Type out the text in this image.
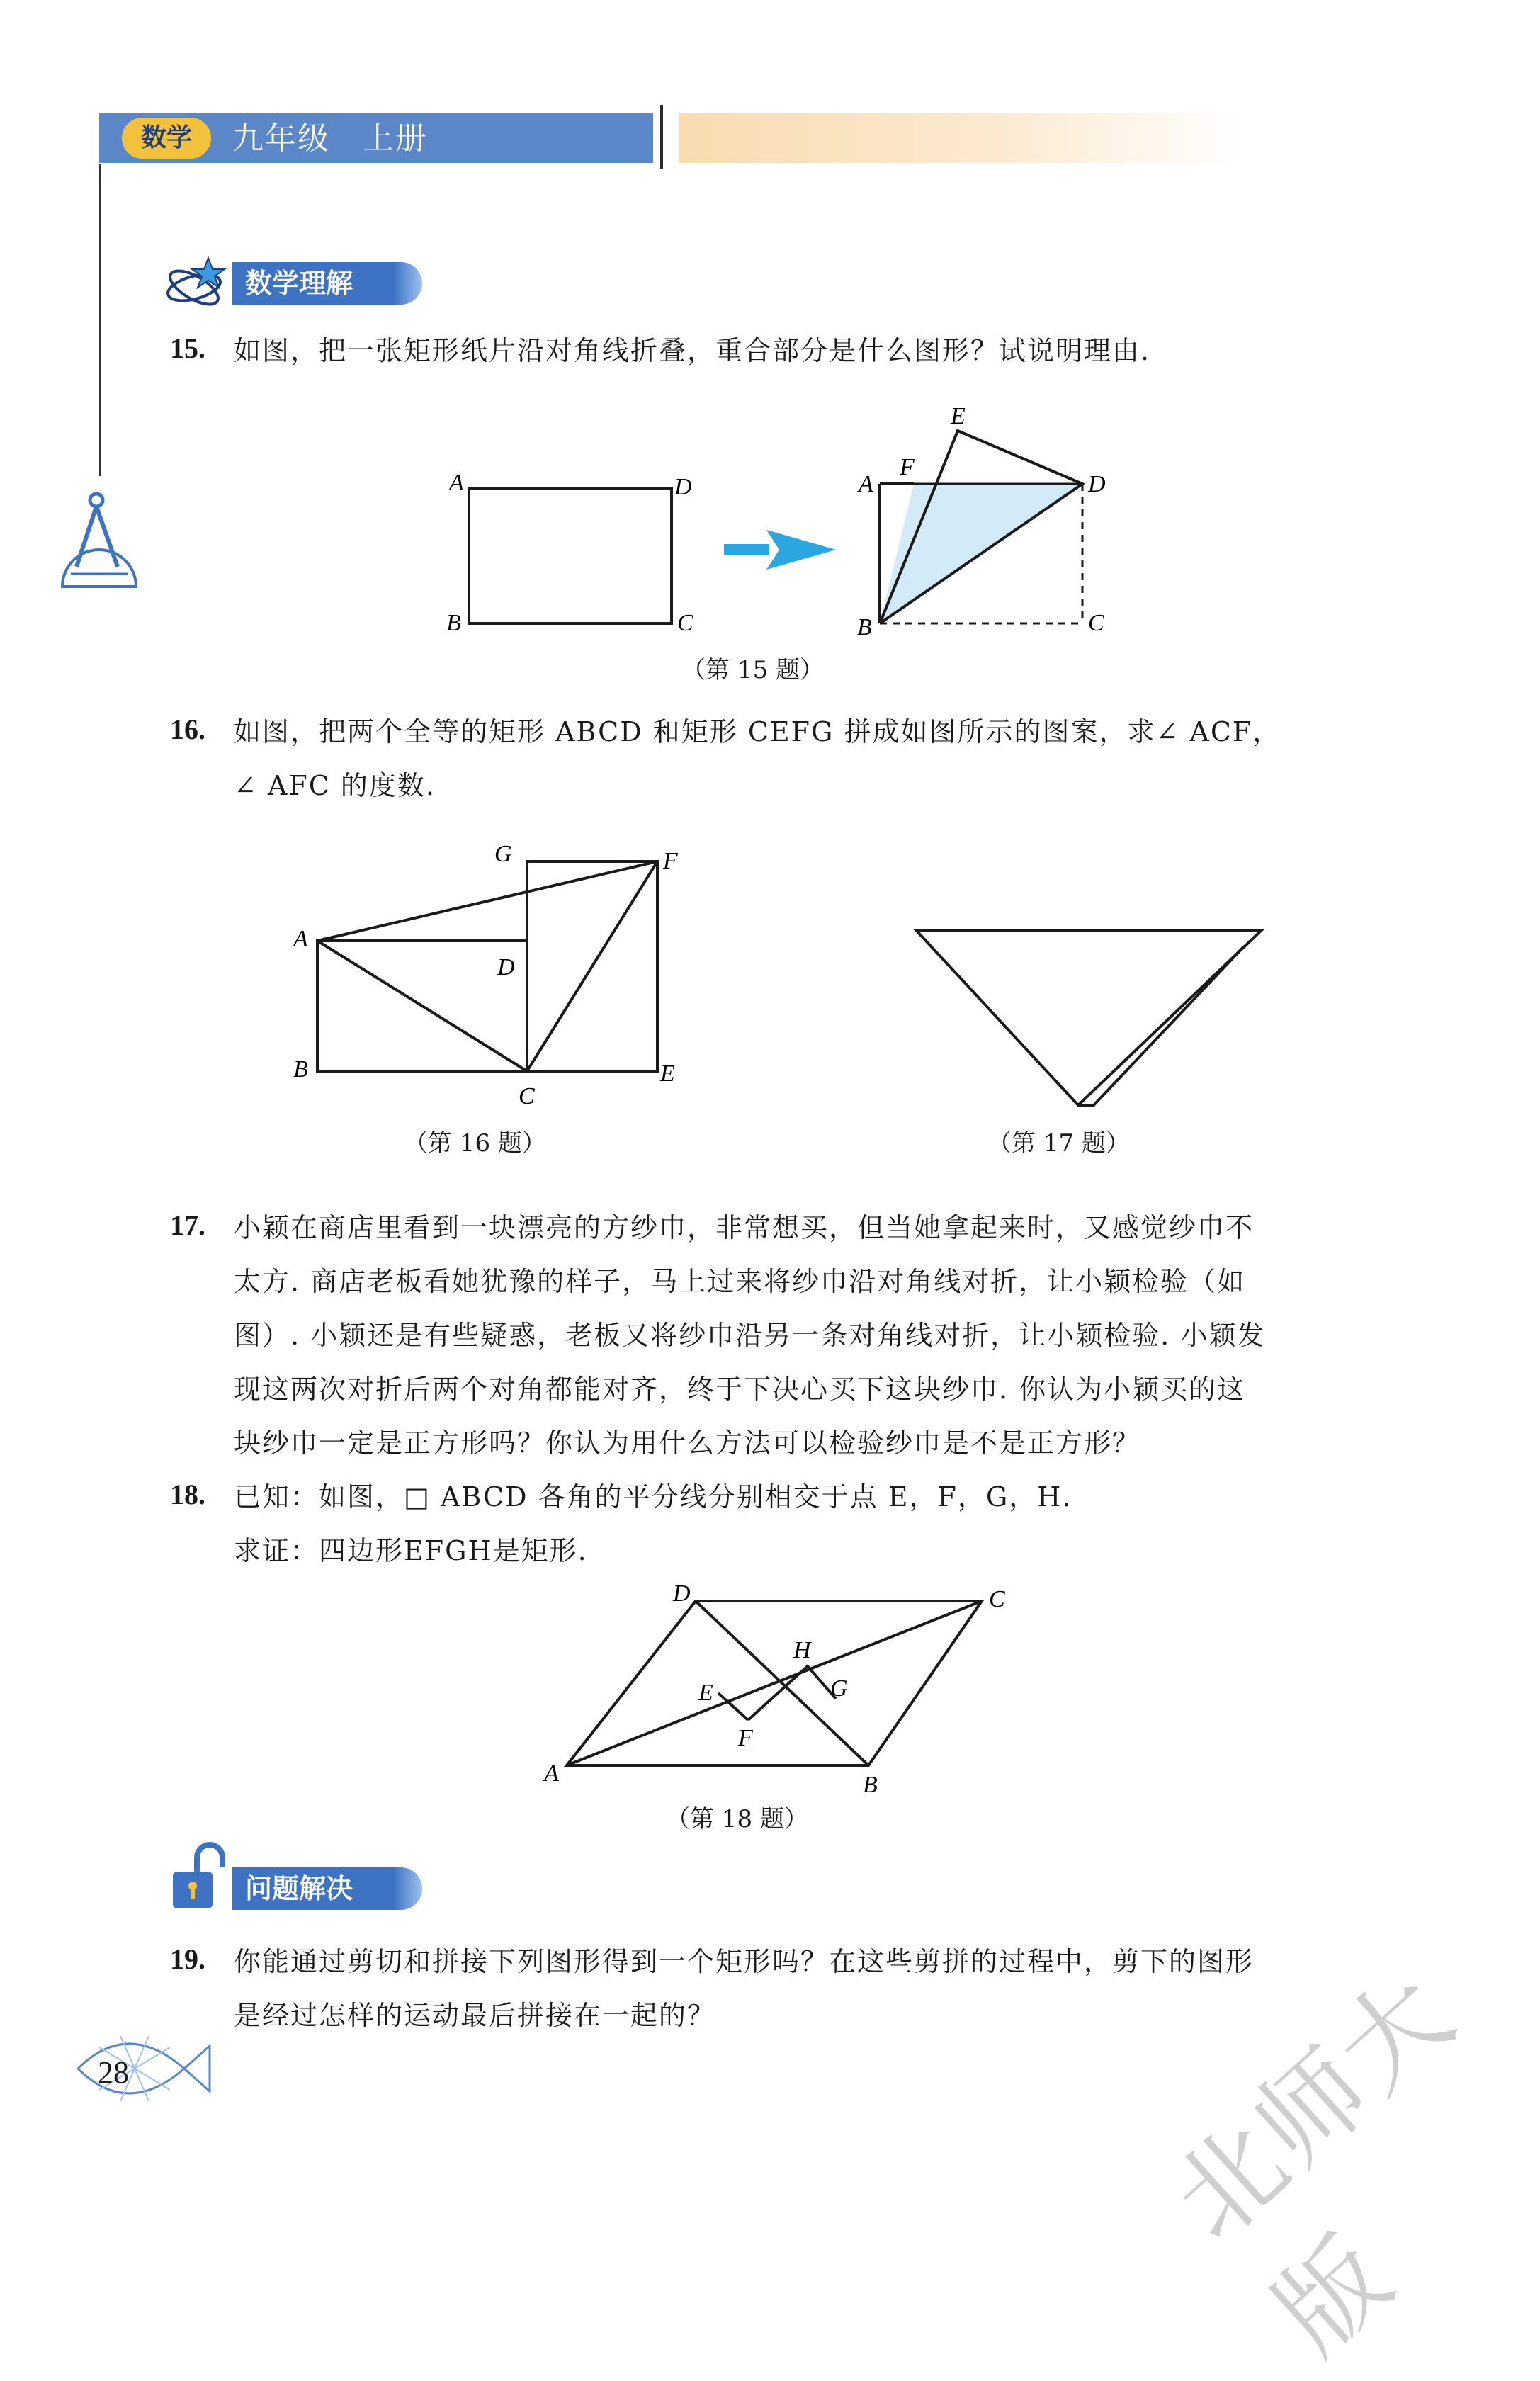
数学	九年级　上册
数学理解
15. 如图，把一张矩形纸片沿对角线折叠，重合部分是什么图形？试说明理由.
A	D
B	C
A	D
B	C
E
F
（第 15 题）
16. 如图，把两个全等的矩形 ABCD 和矩形 CEFG 拼成如图所示的图案，求∠ ACF，
∠ AFC 的度数.
A
B
C
D
E
F
G
（第 16 题）	（第 17 题）
17. 小颖在商店里看到一块漂亮的方纱巾，非常想买，但当她拿起来时，又感觉纱巾不
太方. 商店老板看她犹豫的样子，马上过来将纱巾沿对角线对折，让小颖检验（如
图）. 小颖还是有些疑惑，老板又将纱巾沿另一条对角线对折，让小颖检验. 小颖发
现这两次对折后两个对角都能对齐，终于下决心买下这块纱巾. 你认为小颖买的这
块纱巾一定是正方形吗？你认为用什么方法可以检验纱巾是不是正方形？
18. 已知：如图，□ ABCD 各角的平分线分别相交于点 E，F，G，H.
求证：四边形EFGH是矩形.
A	B
C
D
E
F
G
H
（第 18 题）
问题解决
19. 你能通过剪切和拼接下列图形得到一个矩形吗？在这些剪拼的过程中，剪下的图形
是经过怎样的运动最后拼接在一起的？
28	北师大版
